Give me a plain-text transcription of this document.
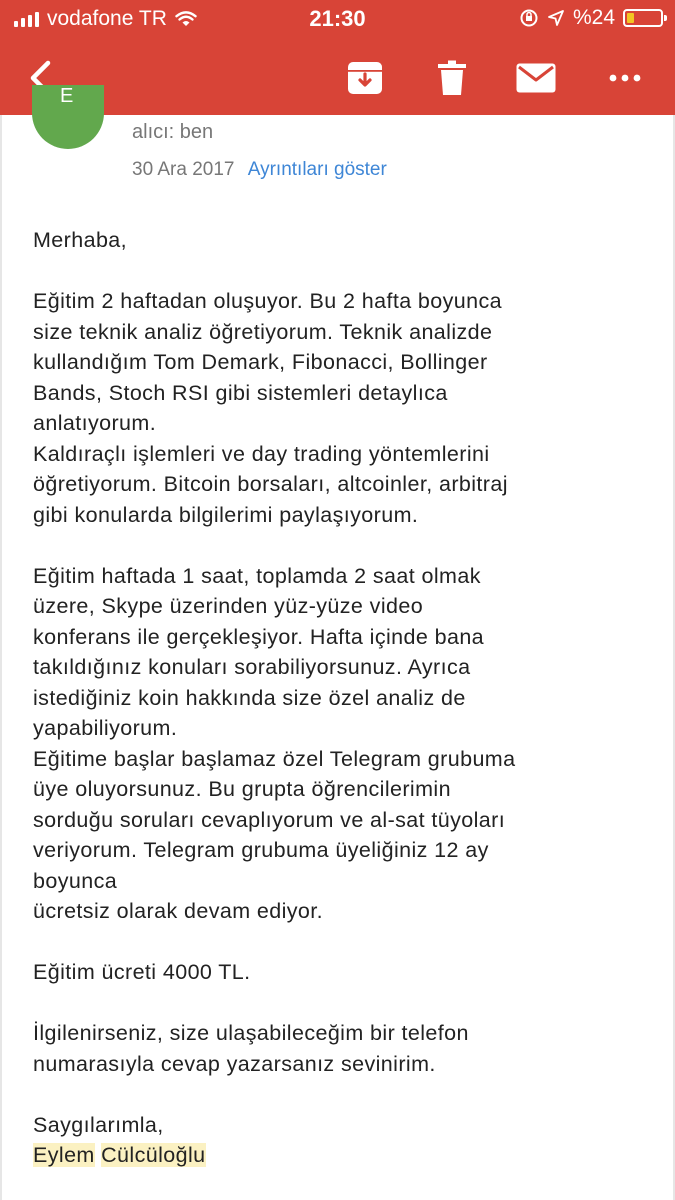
vodafone TR	21:30	%24
E
alıcı: ben
30 Ara 2017 Ayrıntıları göster

Merhaba,

Eğitim 2 haftadan oluşuyor. Bu 2 hafta boyunca

size teknik analiz öğretiyorum. Teknik analizde

kullandığım Tom Demark, Fibonacci, Bollinger

Bands, Stoch RSI gibi sistemleri detaylıca

anlatıyorum.

Kaldıraçlı işlemleri ve day trading yöntemlerini

öğretiyorum. Bitcoin borsaları, altcoinler, arbitraj

gibi konularda bilgilerimi paylaşıyorum.

Eğitim haftada 1 saat, toplamda 2 saat olmak

üzere, Skype üzerinden yüz-yüze video

konferans ile gerçekleşiyor. Hafta içinde bana

takıldığınız konuları sorabiliyorsunuz. Ayrıca

istediğiniz koin hakkında size özel analiz de

yapabiliyorum.

Eğitime başlar başlamaz özel Telegram grubuma

üye oluyorsunuz. Bu grupta öğrencilerimin

sorduğu soruları cevaplıyorum ve al-sat tüyoları

veriyorum. Telegram grubuma üyeliğiniz 12 ay

boyunca

ücretsiz olarak devam ediyor.

Eğitim ücreti 4000 TL.

İlgilenirseniz, size ulaşabileceğim bir telefon

numarasıyla cevap yazarsanız sevinirim.

Saygılarımla,

Eylem Cülcüloğlu
